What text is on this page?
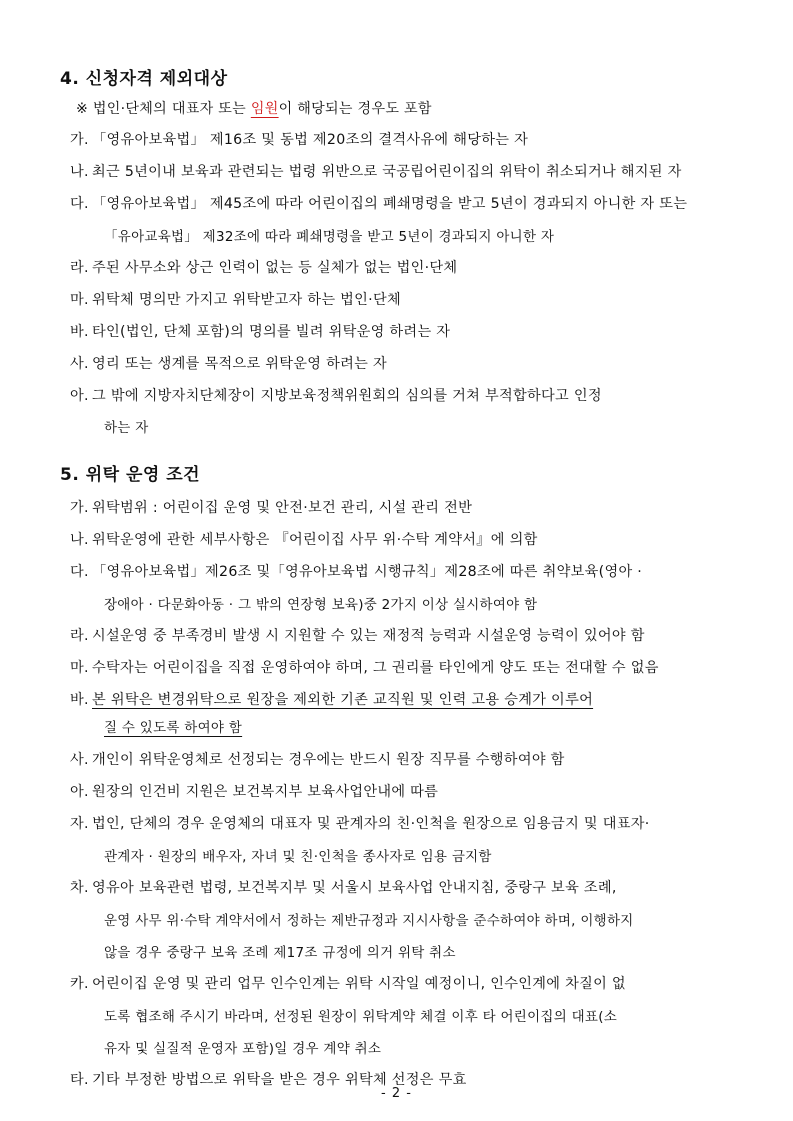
4. 신청자격 제외대상
※ 법인·단체의 대표자 또는 임원이 해당되는 경우도 포함
가. 「영유아보육법」 제16조 및 동법 제20조의 결격사유에 해당하는 자
나. 최근 5년이내 보육과 관련되는 법령 위반으로 국공립어린이집의 위탁이 취소되거나 해지된 자
다. 「영유아보육법」 제45조에 따라 어린이집의 폐쇄명령을 받고 5년이 경과되지 아니한 자 또는
「유아교육법」 제32조에 따라 폐쇄명령을 받고 5년이 경과되지 아니한 자
라. 주된 사무소와 상근 인력이 없는 등 실체가 없는 법인·단체
마. 위탁체 명의만 가지고 위탁받고자 하는 법인·단체
바. 타인(법인, 단체 포함)의 명의를 빌려 위탁운영 하려는 자
사. 영리 또는 생계를 목적으로 위탁운영 하려는 자
아. 그 밖에 지방자치단체장이 지방보육정책위원회의 심의를 거쳐 부적합하다고 인정
하는 자
5. 위탁 운영 조건
가. 위탁범위 : 어린이집 운영 및 안전·보건 관리, 시설 관리 전반
나. 위탁운영에 관한 세부사항은 『어린이집 사무 위·수탁 계약서』에 의함
다. 「영유아보육법」제26조 및「영유아보육법 시행규칙」제28조에 따른 취약보육(영아 ·
장애아 · 다문화아동 · 그 밖의 연장형 보육)중 2가지 이상 실시하여야 함
라. 시설운영 중 부족경비 발생 시 지원할 수 있는 재정적 능력과 시설운영 능력이 있어야 함
마. 수탁자는 어린이집을 직접 운영하여야 하며, 그 권리를 타인에게 양도 또는 전대할 수 없음
바. 본 위탁은 변경위탁으로 원장을 제외한 기존 교직원 및 인력 고용 승계가 이루어
질 수 있도록 하여야 함
사. 개인이 위탁운영체로 선정되는 경우에는 반드시 원장 직무를 수행하여야 함
아. 원장의 인건비 지원은 보건복지부 보육사업안내에 따름
자. 법인, 단체의 경우 운영체의 대표자 및 관계자의 친·인척을 원장으로 임용금지 및 대표자·
관계자 · 원장의 배우자, 자녀 및 친·인척을 종사자로 임용 금지함
차. 영유아 보육관련 법령, 보건복지부 및 서울시 보육사업 안내지침, 중랑구 보육 조례,
운영 사무 위·수탁 계약서에서 정하는 제반규정과 지시사항을 준수하여야 하며, 이행하지
않을 경우 중랑구 보육 조례 제17조 규정에 의거 위탁 취소
카. 어린이집 운영 및 관리 업무 인수인계는 위탁 시작일 예정이니, 인수인계에 차질이 없
도록 협조해 주시기 바라며, 선정된 원장이 위탁계약 체결 이후 타 어린이집의 대표(소
유자 및 실질적 운영자 포함)일 경우 계약 취소
타. 기타 부정한 방법으로 위탁을 받은 경우 위탁체 선정은 무효
- 2 -
